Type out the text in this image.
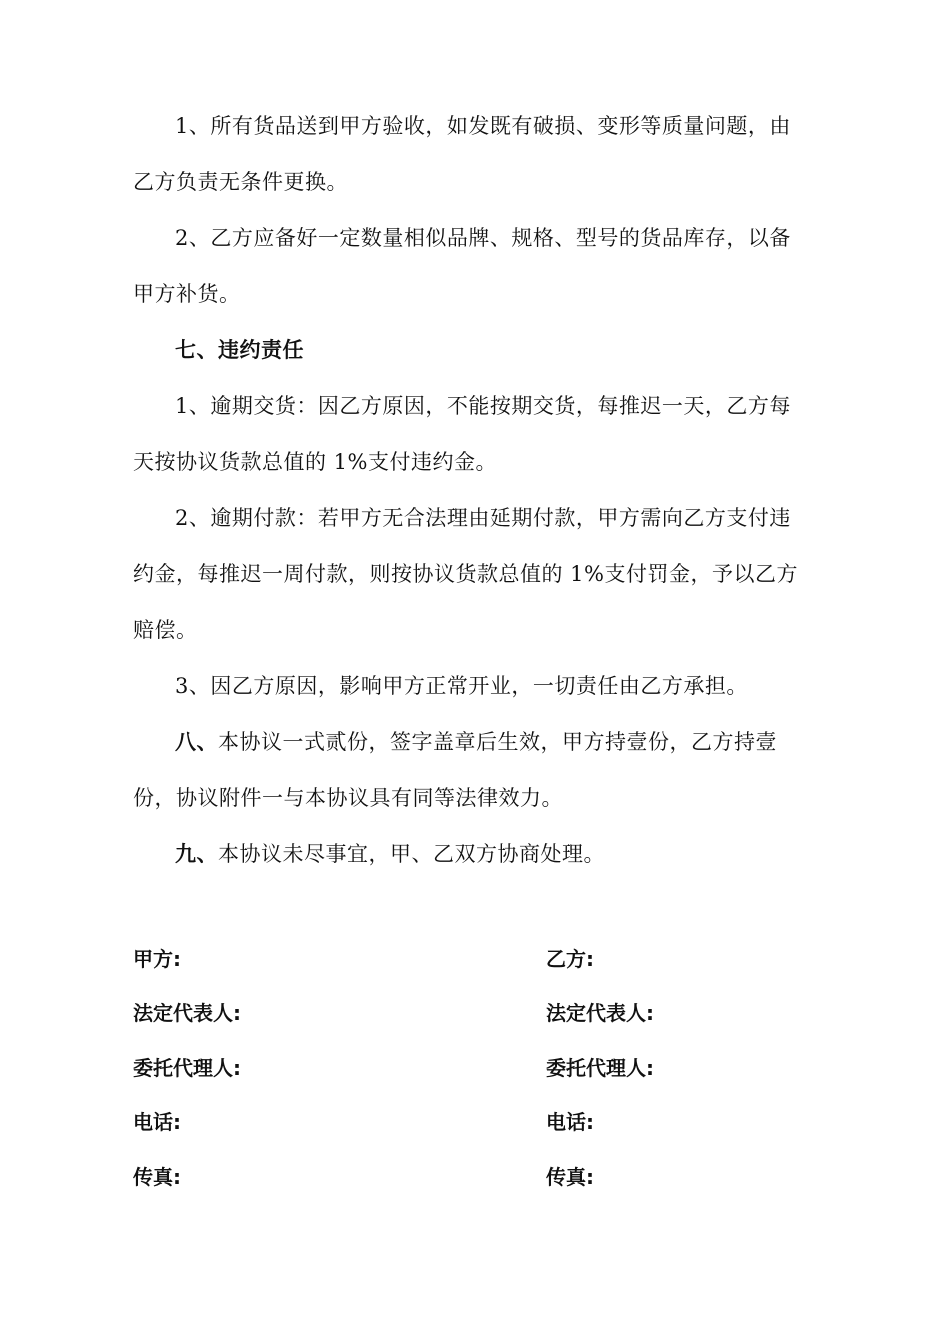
1、所有货品送到甲方验收，如发既有破损、变形等质量问题，由
乙方负责无条件更换。
2、乙方应备好一定数量相似品牌、规格、型号的货品库存，以备
甲方补货。
七、违约责任
1、逾期交货：因乙方原因，不能按期交货，每推迟一天，乙方每
天按协议货款总值的 1%支付违约金。
2、逾期付款：若甲方无合法理由延期付款，甲方需向乙方支付违
约金，每推迟一周付款，则按协议货款总值的 1%支付罚金，予以乙方
赔偿。
3、因乙方原因，影响甲方正常开业，一切责任由乙方承担。
八、本协议一式贰份，签字盖章后生效，甲方持壹份，乙方持壹
份，协议附件一与本协议具有同等法律效力。
九、本协议未尽事宜，甲、乙双方协商处理。
甲方:
法定代表人:
委托代理人:
电话:
传真:
乙方:
法定代表人:
委托代理人:
电话:
传真:
